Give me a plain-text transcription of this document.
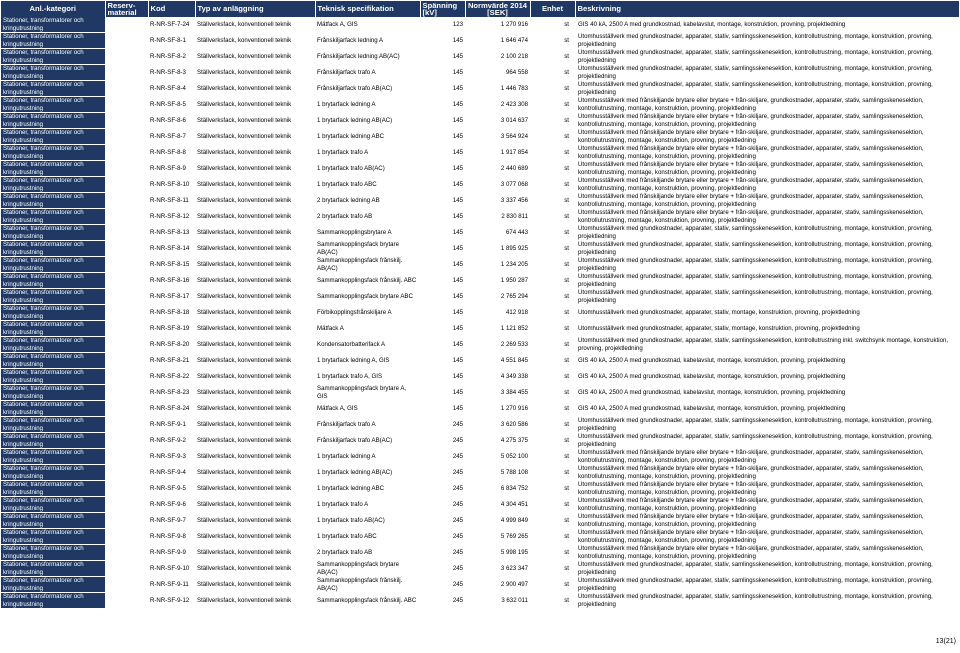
Anl.-kategori	Reserv-material	Kod	Typ av anläggning	Teknisk specifikation	Spänning [kV]	Normvärde 2014 [SEK]	Enhet	Beskrivning
Stationer, transformatorer och kringutrustning		R-NR-SF-7-24	Ställverksfack, konventionell teknik	Mätfack A, GIS	123	1 270 916	st	GIS 40 kA, 2500 A med grundkostnad, kabelavslut, montage, konstruktion, provning, projektledning
Stationer, transformatorer och kringutrustning		R-NR-SF-8-1	Ställverksfack, konventionell teknik	Frånskiljarfack ledning A	145	1 646 474	st	Utomhusställverk med grundkostnader, apparater, stativ, samlingsskenesektion, kontrollutrustning, montage, konstruktion, provning, projektledning
Stationer, transformatorer och kringutrustning		R-NR-SF-8-2	Ställverksfack, konventionell teknik	Frånskiljarfack ledning AB(AC)	145	2 100 218	st	Utomhusställverk med grundkostnader, apparater, stativ, samlingsskenesektion, kontrollutrustning, montage, konstruktion, provning, projektledning
Stationer, transformatorer och kringutrustning		R-NR-SF-8-3	Ställverksfack, konventionell teknik	Frånskiljarfack trafo A	145	964 558	st	Utomhusställverk med grundkostnader, apparater, stativ, samlingsskenesektion, kontrollutrustning, montage, konstruktion, provning, projektledning
Stationer, transformatorer och kringutrustning		R-NR-SF-8-4	Ställverksfack, konventionell teknik	Frånskiljarfack trafo AB(AC)	145	1 446 783	st	Utomhusställverk med grundkostnader, apparater, stativ, samlingsskenesektion, kontrollutrustning, montage, konstruktion, provning, projektledning
Stationer, transformatorer och kringutrustning		R-NR-SF-8-5	Ställverksfack, konventionell teknik	1 brytarfack ledning A	145	2 423 308	st	Utomhusställverk med frånskiljande brytare eller brytare + från-skiljare, grundkostnader, apparater, stativ, samlingsskenesektion, kontrollutrustning, montage, konstruktion, provning, projektledning
Stationer, transformatorer och kringutrustning		R-NR-SF-8-6	Ställverksfack, konventionell teknik	1 brytarfack ledning AB(AC)	145	3 014 637	st	Utomhusställverk med frånskiljande brytare eller brytare + från-skiljare, grundkostnader, apparater, stativ, samlingsskenesektion, kontrollutrustning, montage, konstruktion, provning, projektledning
Stationer, transformatorer och kringutrustning		R-NR-SF-8-7	Ställverksfack, konventionell teknik	1 brytarfack ledning ABC	145	3 564 924	st	Utomhusställverk med frånskiljande brytare eller brytare + från-skiljare, grundkostnader, apparater, stativ, samlingsskenesektion, kontrollutrustning, montage, konstruktion, provning, projektledning
Stationer, transformatorer och kringutrustning		R-NR-SF-8-8	Ställverksfack, konventionell teknik	1 brytarfack trafo A	145	1 917 854	st	Utomhusställverk med frånskiljande brytare eller brytare + från-skiljare, grundkostnader, apparater, stativ, samlingsskenesektion, kontrollutrustning, montage, konstruktion, provning, projektledning
Stationer, transformatorer och kringutrustning		R-NR-SF-8-9	Ställverksfack, konventionell teknik	1 brytarfack trafo AB(AC)	145	2 440 689	st	Utomhusställverk med frånskiljande brytare eller brytare + från-skiljare, grundkostnader, apparater, stativ, samlingsskenesektion, kontrollutrustning, montage, konstruktion, provning, projektledning
Stationer, transformatorer och kringutrustning		R-NR-SF-8-10	Ställverksfack, konventionell teknik	1 brytarfack trafo ABC	145	3 077 068	st	Utomhusställverk med frånskiljande brytare eller brytare + från-skiljare, grundkostnader, apparater, stativ, samlingsskenesektion, kontrollutrustning, montage, konstruktion, provning, projektledning
Stationer, transformatorer och kringutrustning		R-NR-SF-8-11	Ställverksfack, konventionell teknik	2 brytarfack ledning AB	145	3 337 456	st	Utomhusställverk med frånskiljande brytare eller brytare + från-skiljare, grundkostnader, apparater, stativ, samlingsskenesektion, kontrollutrustning, montage, konstruktion, provning, projektledning
Stationer, transformatorer och kringutrustning		R-NR-SF-8-12	Ställverksfack, konventionell teknik	2 brytarfack trafo AB	145	2 830 811	st	Utomhusställverk med frånskiljande brytare eller brytare + från-skiljare, grundkostnader, apparater, stativ, samlingsskenesektion, kontrollutrustning, montage, konstruktion, provning, projektledning
Stationer, transformatorer och kringutrustning		R-NR-SF-8-13	Ställverksfack, konventionell teknik	Sammankopplingsbrytare A	145	674 443	st	Utomhusställverk med grundkostnader, apparater, stativ, samlingsskenesektion, kontrollutrustning, montage, konstruktion, provning, projektledning
Stationer, transformatorer och kringutrustning		R-NR-SF-8-14	Ställverksfack, konventionell teknik	Sammankopplingsfack brytare AB(AC)	145	1 895 925	st	Utomhusställverk med grundkostnader, apparater, stativ, samlingsskenesektion, kontrollutrustning, montage, konstruktion, provning, projektledning
Stationer, transformatorer och kringutrustning		R-NR-SF-8-15	Ställverksfack, konventionell teknik	Sammankopplingsfack frånskilj. AB(AC)	145	1 234 205	st	Utomhusställverk med grundkostnader, apparater, stativ, samlingsskenesektion, kontrollutrustning, montage, konstruktion, provning, projektledning
Stationer, transformatorer och kringutrustning		R-NR-SF-8-16	Ställverksfack, konventionell teknik	Sammankopplingsfack frånskilj. ABC	145	1 950 287	st	Utomhusställverk med grundkostnader, apparater, stativ, samlingsskenesektion, kontrollutrustning, montage, konstruktion, provning, projektledning
Stationer, transformatorer och kringutrustning		R-NR-SF-8-17	Ställverksfack, konventionell teknik	Sammankopplingsfack brytare ABC	145	2 765 294	st	Utomhusställverk med grundkostnader, apparater, stativ, samlingsskenesektion, kontrollutrustning, montage, konstruktion, provning, projektledning
Stationer, transformatorer och kringutrustning		R-NR-SF-8-18	Ställverksfack, konventionell teknik	Förbikopplingsfrånskiljare A	145	412 918	st	Utomhusställverk med grundkostnader, apparater, stativ, montage, konstruktion, provning, projektledning
Stationer, transformatorer och kringutrustning		R-NR-SF-8-19	Ställverksfack, konventionell teknik	Mätfack A	145	1 121 852	st	Utomhusställverk med grundkostnader, apparater, stativ, montage, konstruktion, provning, projektledning
Stationer, transformatorer och kringutrustning		R-NR-SF-8-20	Ställverksfack, konventionell teknik	Kondensatorbatterifack A	145	2 269 533	st	Utomhusställverk med grundkostnader, apparater, stativ, samlingsskenesektion, kontrollutrustning inkl. switchsynk montage, konstruktion, provning, projektledning
Stationer, transformatorer och kringutrustning		R-NR-SF-8-21	Ställverksfack, konventionell teknik	1 brytarfack ledning A, GIS	145	4 551 845	st	GIS 40 kA, 2500 A med grundkostnad, kabelavslut, montage, konstruktion, provning, projektledning
Stationer, transformatorer och kringutrustning		R-NR-SF-8-22	Ställverksfack, konventionell teknik	1 brytarfack trafo A, GIS	145	4 349 338	st	GIS 40 kA, 2500 A med grundkostnad, kabelavslut, montage, konstruktion, provning, projektledning
Stationer, transformatorer och kringutrustning		R-NR-SF-8-23	Ställverksfack, konventionell teknik	Sammankopplingsfack brytare A, GIS	145	3 384 455	st	GIS 40 kA, 2500 A med grundkostnad, kabelavslut, montage, konstruktion, provning, projektledning
Stationer, transformatorer och kringutrustning		R-NR-SF-8-24	Ställverksfack, konventionell teknik	Mätfack A, GIS	145	1 270 916	st	GIS 40 kA, 2500 A med grundkostnad, kabelavslut, montage, konstruktion, provning, projektledning
Stationer, transformatorer och kringutrustning		R-NR-SF-9-1	Ställverksfack, konventionell teknik	Frånskiljarfack trafo A	245	3 620 586	st	Utomhusställverk med grundkostnader, apparater, stativ, samlingsskenesektion, kontrollutrustning, montage, konstruktion, provning, projektledning
Stationer, transformatorer och kringutrustning		R-NR-SF-9-2	Ställverksfack, konventionell teknik	Frånskiljarfack trafo AB(AC)	245	4 275 375	st	Utomhusställverk med grundkostnader, apparater, stativ, samlingsskenesektion, kontrollutrustning, montage, konstruktion, provning, projektledning
Stationer, transformatorer och kringutrustning		R-NR-SF-9-3	Ställverksfack, konventionell teknik	1 brytarfack ledning A	245	5 052 100	st	Utomhusställverk med frånskiljande brytare eller brytare + från-skiljare, grundkostnader, apparater, stativ, samlingsskenesektion, kontrollutrustning, montage, konstruktion, provning, projektledning
Stationer, transformatorer och kringutrustning		R-NR-SF-9-4	Ställverksfack, konventionell teknik	1 brytarfack ledning AB(AC)	245	5 788 108	st	Utomhusställverk med frånskiljande brytare eller brytare + från-skiljare, grundkostnader, apparater, stativ, samlingsskenesektion, kontrollutrustning, montage, konstruktion, provning, projektledning
Stationer, transformatorer och kringutrustning		R-NR-SF-9-5	Ställverksfack, konventionell teknik	1 brytarfack ledning ABC	245	6 834 752	st	Utomhusställverk med frånskiljande brytare eller brytare + från-skiljare, grundkostnader, apparater, stativ, samlingsskenesektion, kontrollutrustning, montage, konstruktion, provning, projektledning
Stationer, transformatorer och kringutrustning		R-NR-SF-9-6	Ställverksfack, konventionell teknik	1 brytarfack trafo A	245	4 304 451	st	Utomhusställverk med frånskiljande brytare eller brytare + från-skiljare, grundkostnader, apparater, stativ, samlingsskenesektion, kontrollutrustning, montage, konstruktion, provning, projektledning
Stationer, transformatorer och kringutrustning		R-NR-SF-9-7	Ställverksfack, konventionell teknik	1 brytarfack trafo AB(AC)	245	4 999 849	st	Utomhusställverk med frånskiljande brytare eller brytare + från-skiljare, grundkostnader, apparater, stativ, samlingsskenesektion, kontrollutrustning, montage, konstruktion, provning, projektledning
Stationer, transformatorer och kringutrustning		R-NR-SF-9-8	Ställverksfack, konventionell teknik	1 brytarfack trafo ABC	245	5 769 265	st	Utomhusställverk med frånskiljande brytare eller brytare + från-skiljare, grundkostnader, apparater, stativ, samlingsskenesektion, kontrollutrustning, montage, konstruktion, provning, projektledning
Stationer, transformatorer och kringutrustning		R-NR-SF-9-9	Ställverksfack, konventionell teknik	2 brytarfack trafo AB	245	5 998 195	st	Utomhusställverk med frånskiljande brytare eller brytare + från-skiljare, grundkostnader, apparater, stativ, samlingsskenesektion, kontrollutrustning, montage, konstruktion, provning, projektledning
Stationer, transformatorer och kringutrustning		R-NR-SF-9-10	Ställverksfack, konventionell teknik	Sammankopplingsfack brytare AB(AC)	245	3 623 347	st	Utomhusställverk med grundkostnader, apparater, stativ, samlingsskenesektion, kontrollutrustning, montage, konstruktion, provning, projektledning
Stationer, transformatorer och kringutrustning		R-NR-SF-9-11	Ställverksfack, konventionell teknik	Sammankopplingsfack frånskilj. AB(AC)	245	2 900 497	st	Utomhusställverk med grundkostnader, apparater, stativ, samlingsskenesektion, kontrollutrustning, montage, konstruktion, provning, projektledning
Stationer, transformatorer och kringutrustning		R-NR-SF-9-12	Ställverksfack, konventionell teknik	Sammankopplingsfack frånskilj. ABC	245	3 632 011	st	Utomhusställverk med grundkostnader, apparater, stativ, samlingsskenesektion, kontrollutrustning, montage, konstruktion, provning, projektledning
13(21)
